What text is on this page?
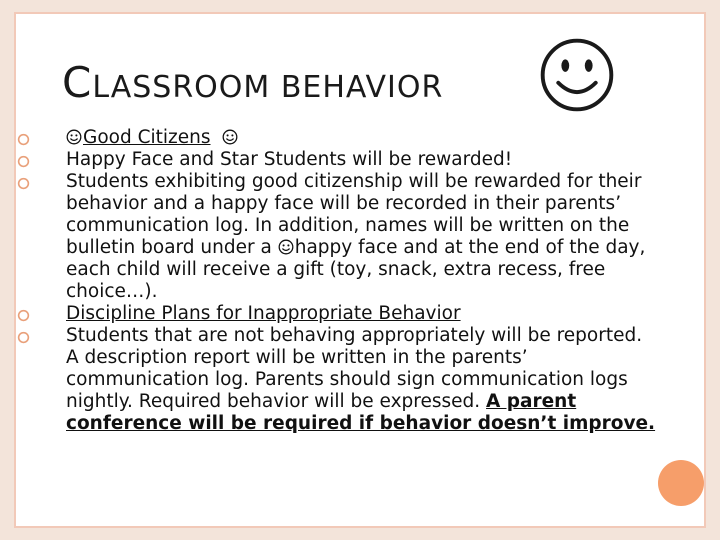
CLASSROOM BEHAVIOR
Good Citizens
Happy Face and Star Students will be rewarded!
Students exhibiting good citizenship will be rewarded for their behavior and a happy face will be recorded in their parents’ communication log. In addition, names will be written on the bulletin board under a happy face and at the end of the day, each child will receive a gift (toy, snack, extra recess, free choice…).
Discipline Plans for Inappropriate Behavior
Students that are not behaving appropriately will be reported. A description report will be written in the parents’ communication log. Parents should sign communication logs nightly. Required behavior will be expressed. A parent conference will be required if behavior doesn’t improve.
